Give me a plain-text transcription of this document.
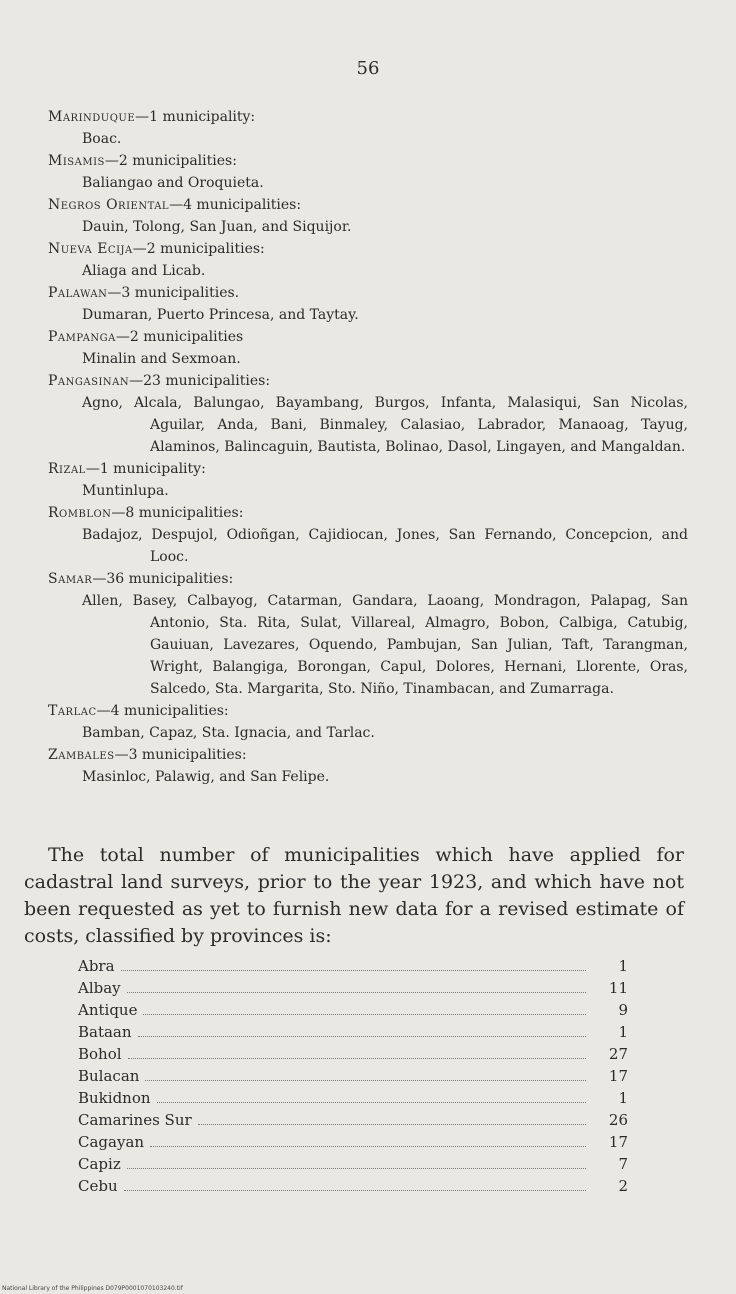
56

Marinduque—1 municipality:

Boac.

Misamis—2 municipalities:

Baliangao and Oroquieta.

Negros Oriental—4 municipalities:

Dauin, Tolong, San Juan, and Siquijor.

Nueva Ecija—2 municipalities:

Aliaga and Licab.

Palawan—3 municipalities.

Dumaran, Puerto Princesa, and Taytay.

Pampanga—2 municipalities

Minalin and Sexmoan.

Pangasinan—23 municipalities:

Agno, Alcala, Balungao, Bayambang, Burgos, Infanta, Malasiqui, San Nicolas, Aguilar, Anda, Bani, Binmaley, Calasiao, Labrador, Manaoag, Tayug, Alaminos, Balincaguin, Bautista, Bolinao, Dasol, Lingayen, and Mangaldan.

Rizal—1 municipality:

Muntinlupa.

Romblon—8 municipalities:

Badajoz, Despujol, Odioñgan, Cajidiocan, Jones, San Fernando, Concepcion, and Looc.

Samar—36 municipalities:

Allen, Basey, Calbayog, Catarman, Gandara, Laoang, Mondragon, Palapag, San Antonio, Sta. Rita, Sulat, Villareal, Almagro, Bobon, Calbiga, Catubig, Gauiuan, Lavezares, Oquendo, Pambujan, San Julian, Taft, Tarangman, Wright, Balangiga, Borongan, Capul, Dolores, Hernani, Llorente, Oras, Salcedo, Sta. Margarita, Sto. Niño, Tinambacan, and Zumarraga.

Tarlac—4 municipalities:

Bamban, Capaz, Sta. Ignacia, and Tarlac.

Zambales—3 municipalities:

Masinloc, Palawig, and San Felipe.

The total number of municipalities which have applied for cadastral land surveys, prior to the year 1923, and which have not been requested as yet to furnish new data for a revised estimate of costs, classified by provinces is:

Abra	1
Albay	11
Antique	9
Bataan	1
Bohol	27
Bulacan	17
Bukidnon	1
Camarines Sur	26
Cagayan	17
Capiz	7
Cebu	2
National Library of the Philippines D079P0001070103240.tif
